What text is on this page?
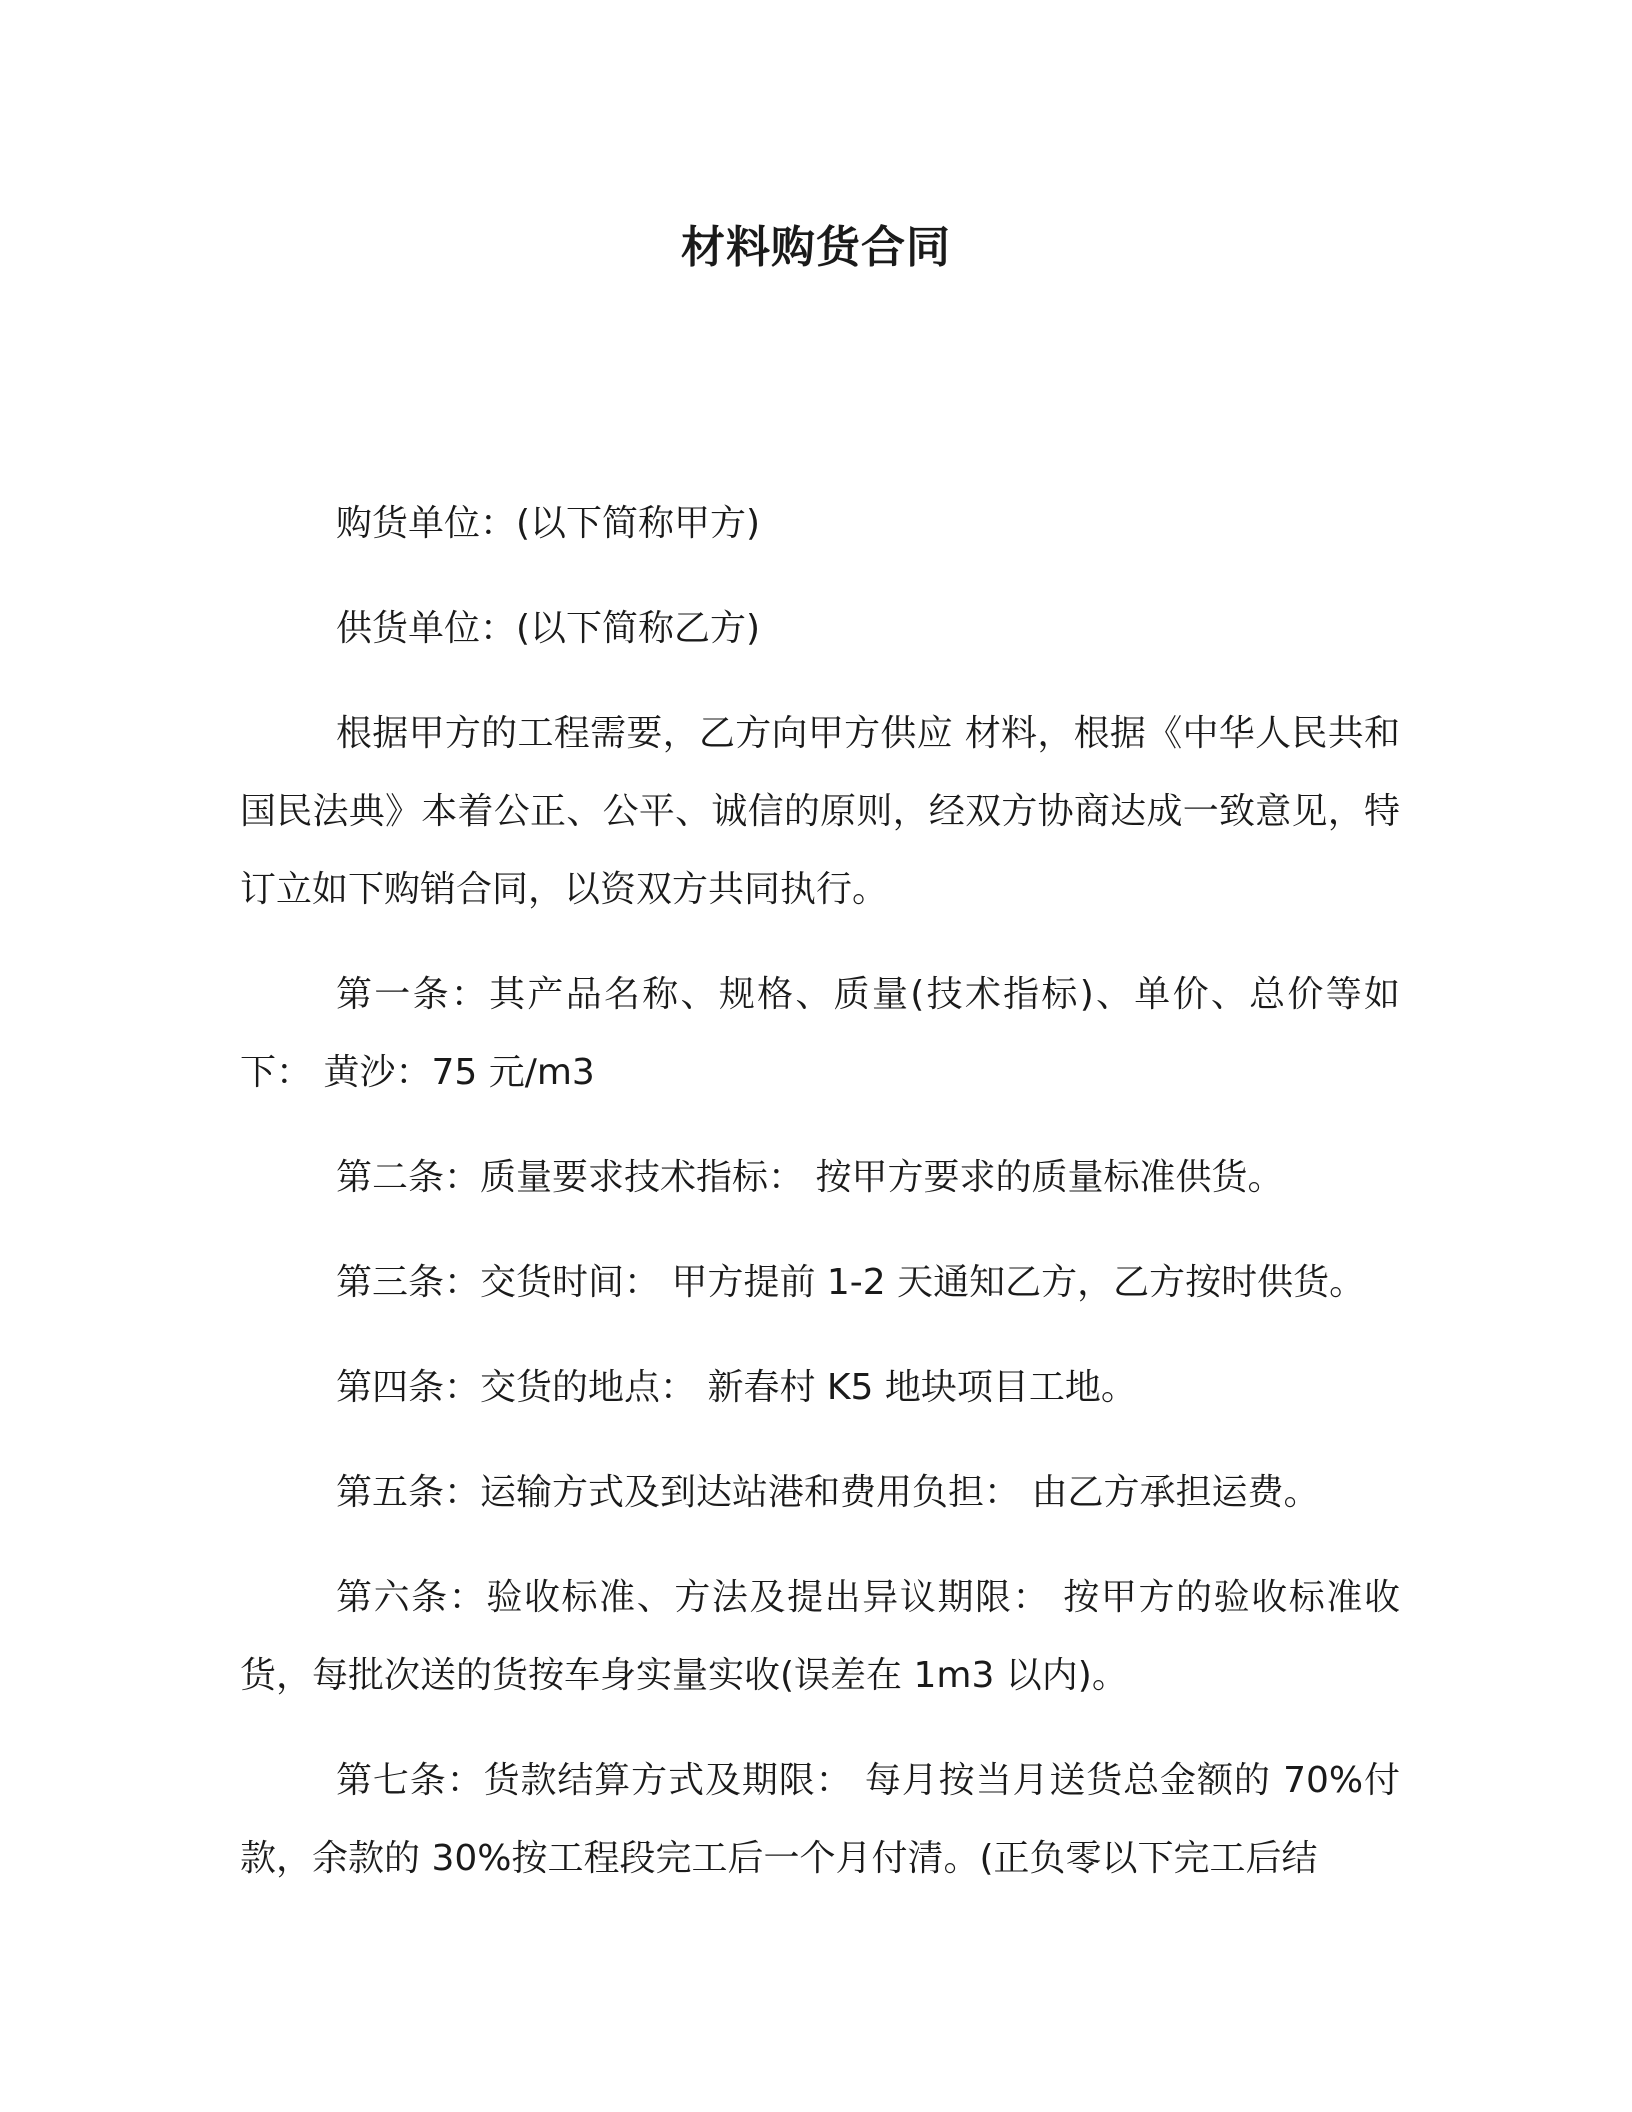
材料购货合同

购货单位：(以下简称甲方)

供货单位：(以下简称乙方)

根据甲方的工程需要，乙方向甲方供应 材料，根据《中华人民共和国民法典》本着公正、公平、诚信的原则，经双方协商达成一致意见，特订立如下购销合同，以资双方共同执行。

第一条：其产品名称、规格、质量(技术指标)、单价、总价等如下： 黄沙：75 元/m3

第二条：质量要求技术指标： 按甲方要求的质量标准供货。

第三条：交货时间： 甲方提前 1-2 天通知乙方，乙方按时供货。

第四条：交货的地点： 新春村 K5 地块项目工地。

第五条：运输方式及到达站港和费用负担： 由乙方承担运费。

第六条：验收标准、方法及提出异议期限： 按甲方的验收标准收货，每批次送的货按车身实量实收(误差在 1m3 以内)。

第七条：货款结算方式及期限： 每月按当月送货总金额的 70%付款，余款的 30%按工程段完工后一个月付清。(正负零以下完工后结
